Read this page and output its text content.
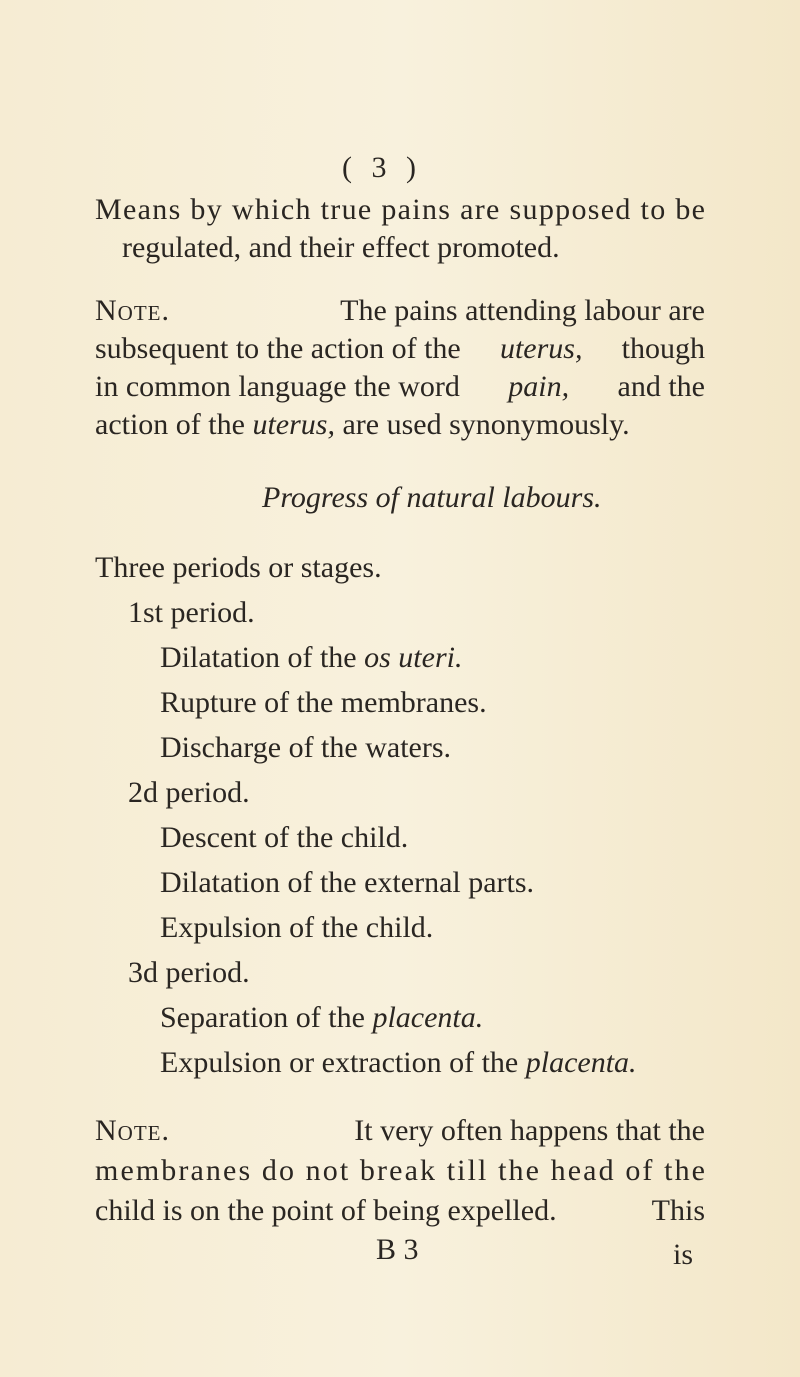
( 3 )
Means by which true pains are supposed to be
regulated, and their effect promoted.
Note.	The pains attending labour are
subsequent to the action of the uterus, though
in common language the word pain, and the
action of the uterus, are used synonymously.
Progress of natural labours.
Three periods or stages.
1st period.
Dilatation of the os uteri.
Rupture of the membranes.
Discharge of the waters.
2d period.
Descent of the child.
Dilatation of the external parts.
Expulsion of the child.
3d period.
Separation of the placenta.
Expulsion or extraction of the placenta.
Note.	It very often happens that the
membranes do not break till the head of the
child is on the point of being expelled.	This
B 3	is
